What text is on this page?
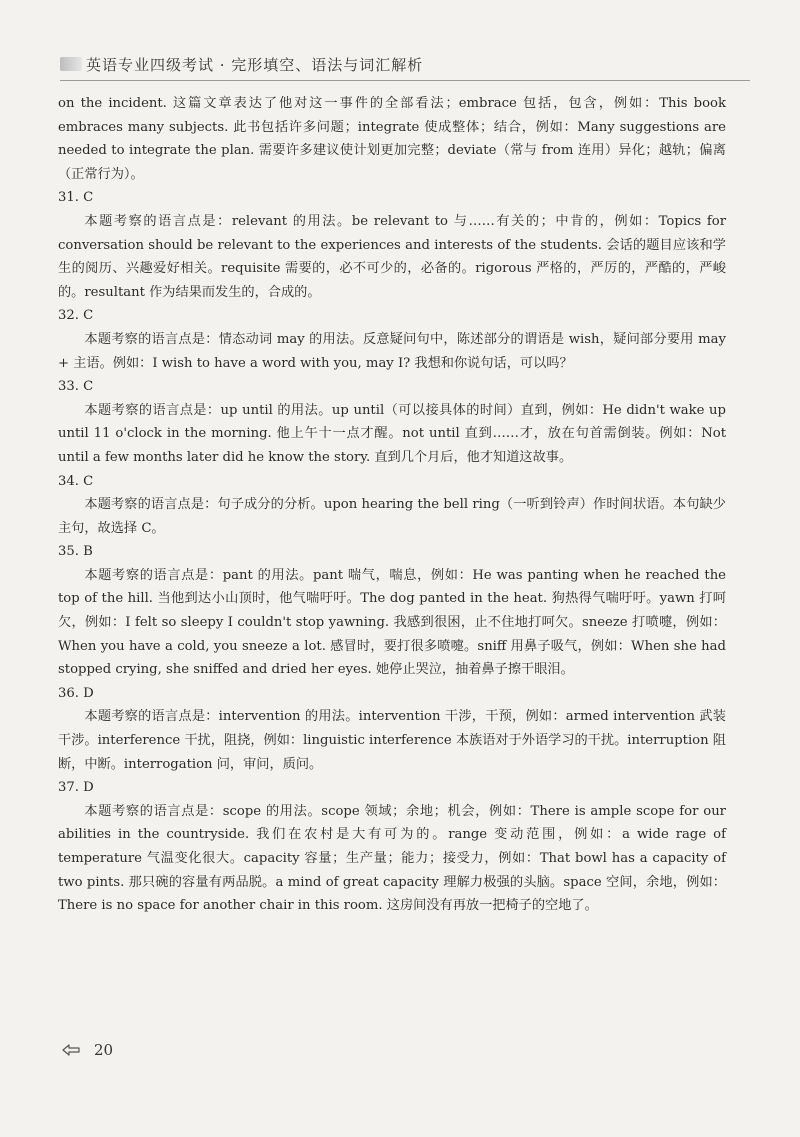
英语专业四级考试 · 完形填空、语法与词汇解析

on the incident. 这篇文章表达了他对这一事件的全部看法；embrace 包括，包含，例如：This book embraces many subjects. 此书包括许多问题；integrate 使成整体；结合，例如：Many suggestions are needed to integrate the plan. 需要许多建议使计划更加完整；deviate（常与 from 连用）异化；越轨；偏离（正常行为）。

31. C

本题考察的语言点是：relevant 的用法。be relevant to 与……有关的；中肯的，例如：Topics for conversation should be relevant to the experiences and interests of the students. 会话的题目应该和学生的阅历、兴趣爱好相关。requisite 需要的，必不可少的，必备的。rigorous 严格的，严厉的，严酷的，严峻的。resultant 作为结果而发生的，合成的。

32. C

本题考察的语言点是：情态动词 may 的用法。反意疑问句中，陈述部分的谓语是 wish，疑问部分要用 may + 主语。例如：I wish to have a word with you, may I? 我想和你说句话，可以吗？

33. C

本题考察的语言点是：up until 的用法。up until（可以接具体的时间）直到，例如：He didn't wake up until 11 o'clock in the morning. 他上午十一点才醒。not until 直到……才，放在句首需倒装。例如：Not until a few months later did he know the story. 直到几个月后，他才知道这故事。

34. C

本题考察的语言点是：句子成分的分析。upon hearing the bell ring（一听到铃声）作时间状语。本句缺少主句，故选择 C。

35. B

本题考察的语言点是：pant 的用法。pant 喘气，喘息，例如：He was panting when he reached the top of the hill. 当他到达小山顶时，他气喘吁吁。The dog panted in the heat. 狗热得气喘吁吁。yawn 打呵欠，例如：I felt so sleepy I couldn't stop yawning. 我感到很困，止不住地打呵欠。sneeze 打喷嚏，例如：When you have a cold, you sneeze a lot. 感冒时，要打很多喷嚏。sniff 用鼻子吸气，例如：When she had stopped crying, she sniffed and dried her eyes. 她停止哭泣，抽着鼻子擦干眼泪。

36. D

本题考察的语言点是：intervention 的用法。intervention 干涉，干预，例如：armed intervention 武装干涉。interference 干扰，阻挠，例如：linguistic interference 本族语对于外语学习的干扰。interruption 阻断，中断。interrogation 问，审问，质问。

37. D

本题考察的语言点是：scope 的用法。scope 领域；余地；机会，例如：There is ample scope for our abilities in the countryside. 我们在农村是大有可为的。range 变动范围，例如：a wide rage of temperature 气温变化很大。capacity 容量；生产量；能力；接受力，例如：That bowl has a capacity of two pints. 那只碗的容量有两品脱。a mind of great capacity 理解力极强的头脑。space 空间，余地，例如：There is no space for another chair in this room. 这房间没有再放一把椅子的空地了。

20
